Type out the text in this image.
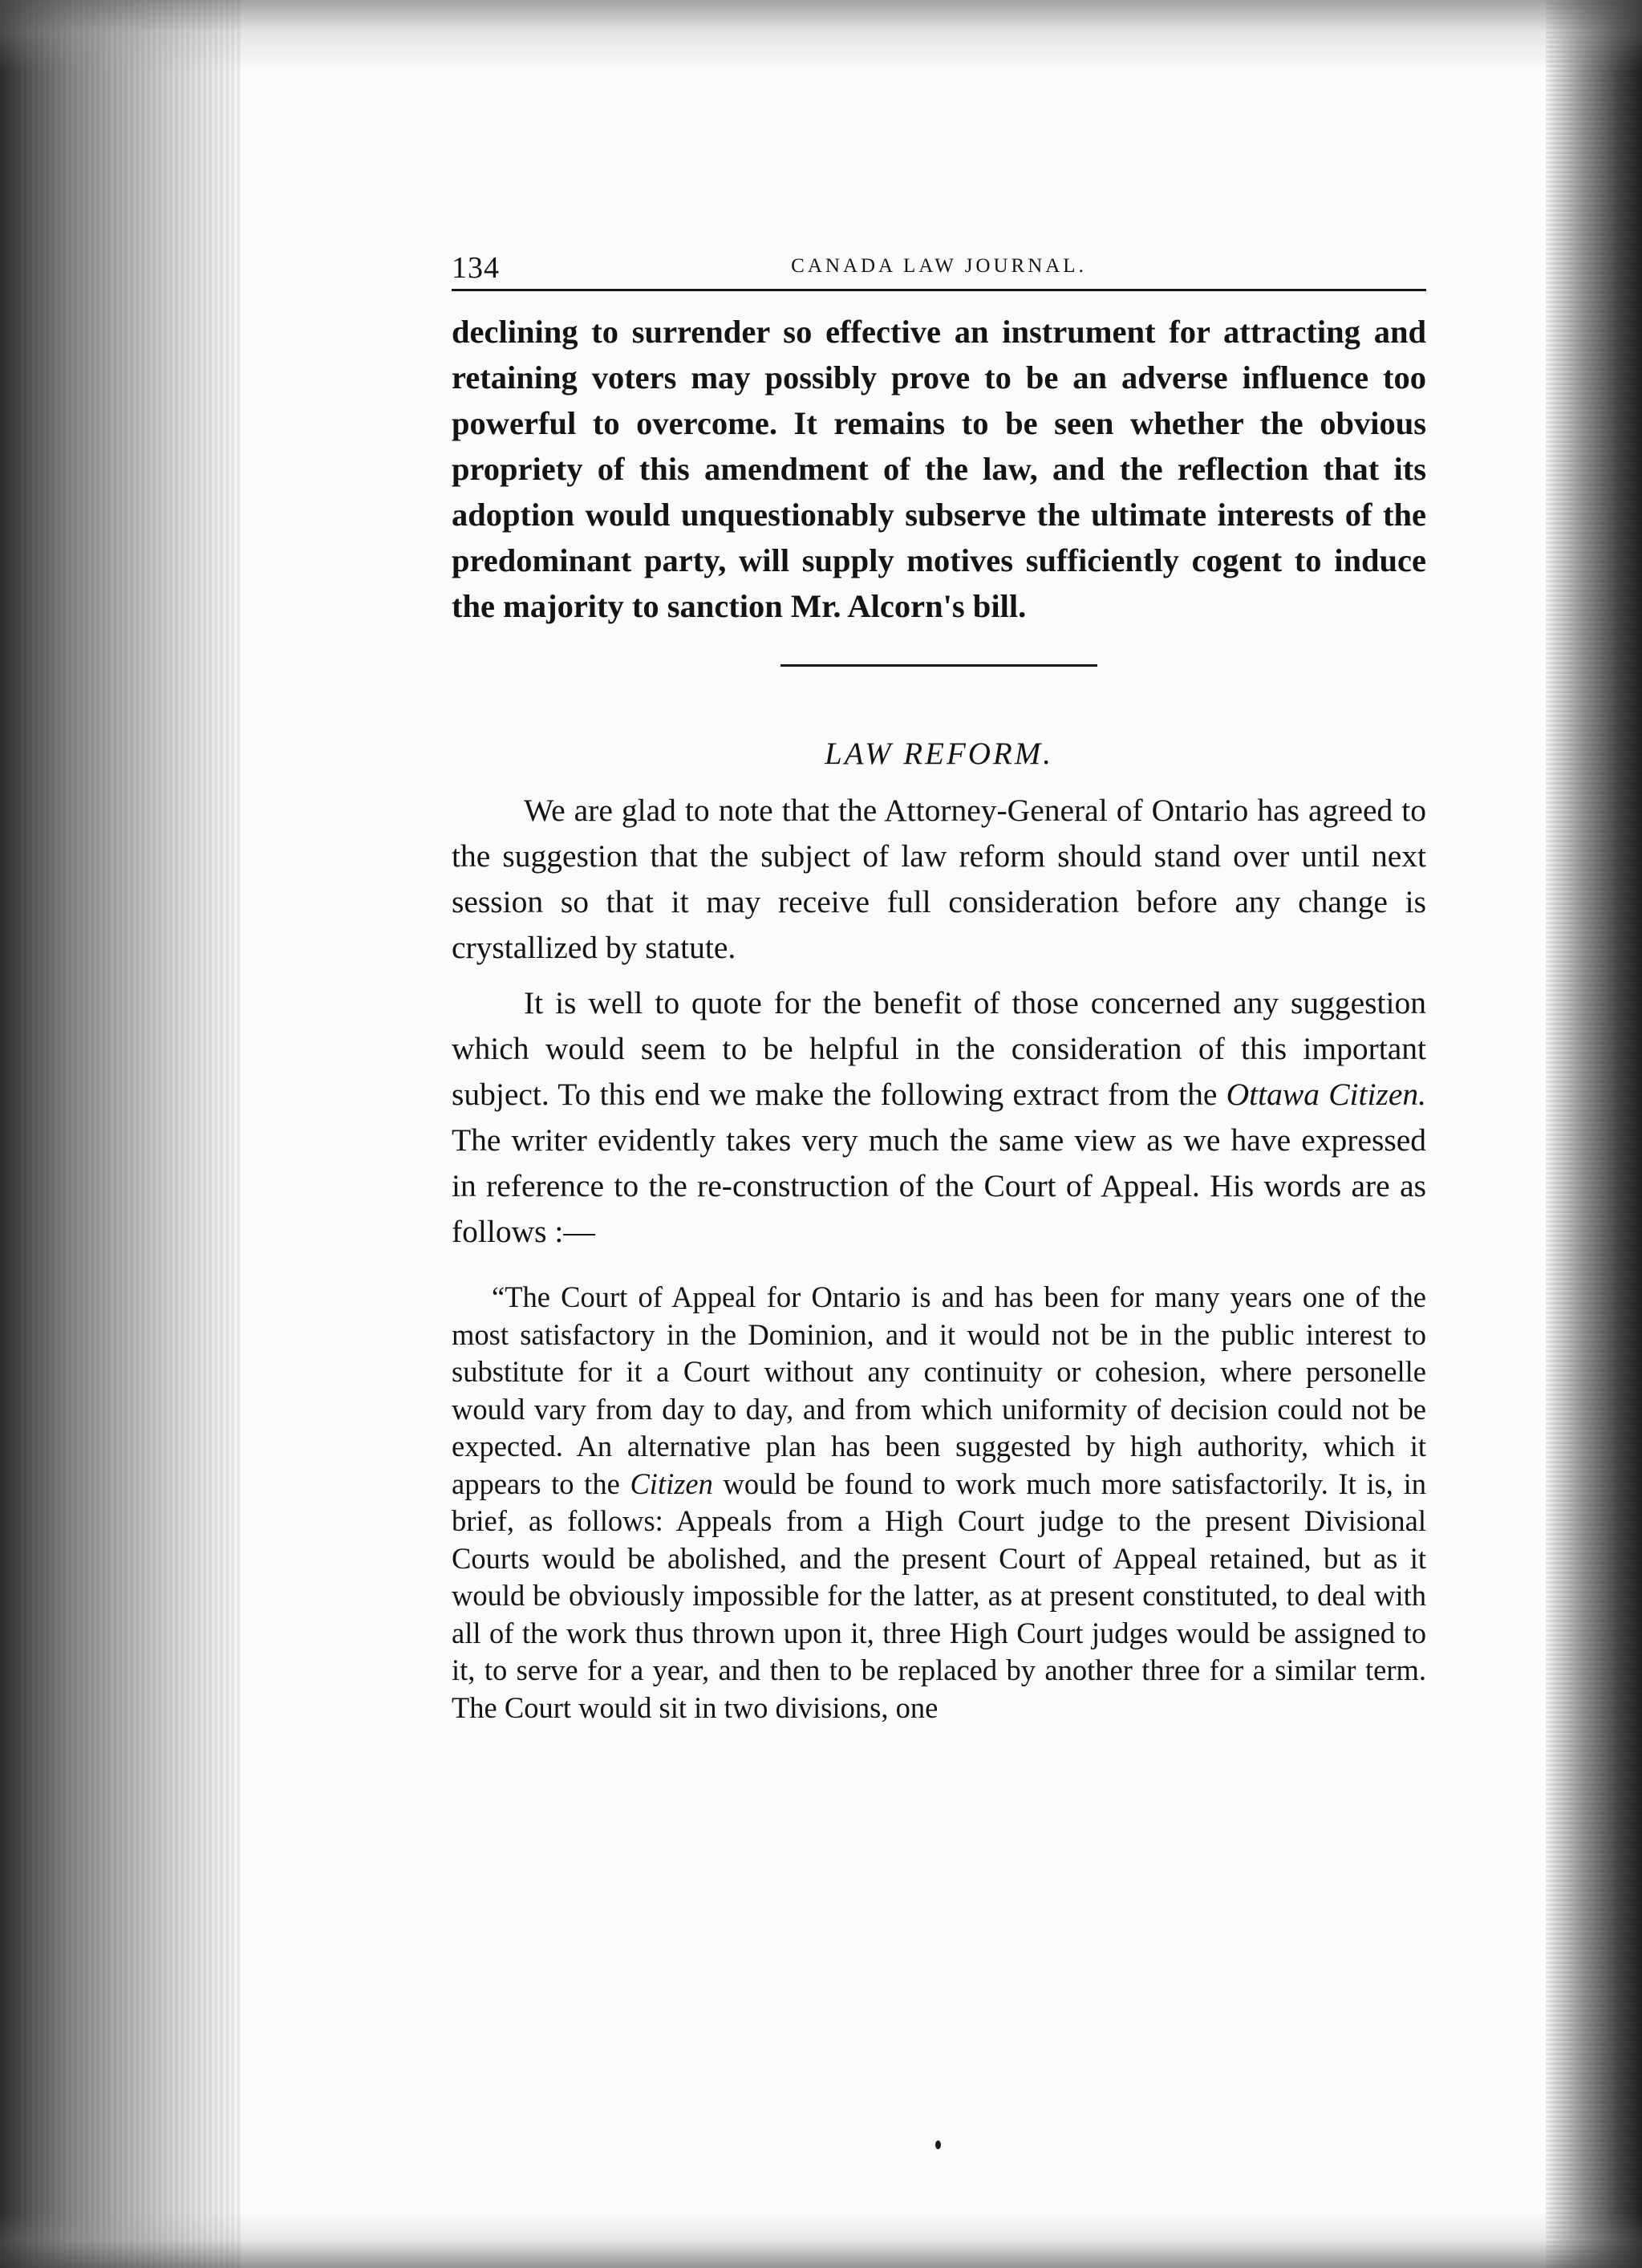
134	CANADA LAW JOURNAL.

declining to surrender so effective an instrument for attracting and retaining voters may possibly prove to be an adverse influence too powerful to overcome. It remains to be seen whether the obvious propriety of this amendment of the law, and the reflection that its adoption would unquestionably subserve the ultimate interests of the predominant party, will supply motives sufficiently cogent to induce the majority to sanction Mr. Alcorn's bill.

LAW REFORM.

We are glad to note that the Attorney-General of Ontario has agreed to the suggestion that the subject of law reform should stand over until next session so that it may receive full consideration before any change is crystallized by statute.

It is well to quote for the benefit of those concerned any suggestion which would seem to be helpful in the consideration of this important subject. To this end we make the following extract from the Ottawa Citizen. The writer evidently takes very much the same view as we have expressed in reference to the re-construction of the Court of Appeal. His words are as follows :—

“The Court of Appeal for Ontario is and has been for many years one of the most satisfactory in the Dominion, and it would not be in the public interest to substitute for it a Court without any continuity or cohesion, where personelle would vary from day to day, and from which uniformity of decision could not be expected. An alternative plan has been suggested by high authority, which it appears to the Citizen would be found to work much more satisfactorily. It is, in brief, as follows: Appeals from a High Court judge to the present Divisional Courts would be abolished, and the present Court of Appeal retained, but as it would be obviously impossible for the latter, as at present constituted, to deal with all of the work thus thrown upon it, three High Court judges would be assigned to it, to serve for a year, and then to be replaced by another three for a similar term. The Court would sit in two divisions, one
